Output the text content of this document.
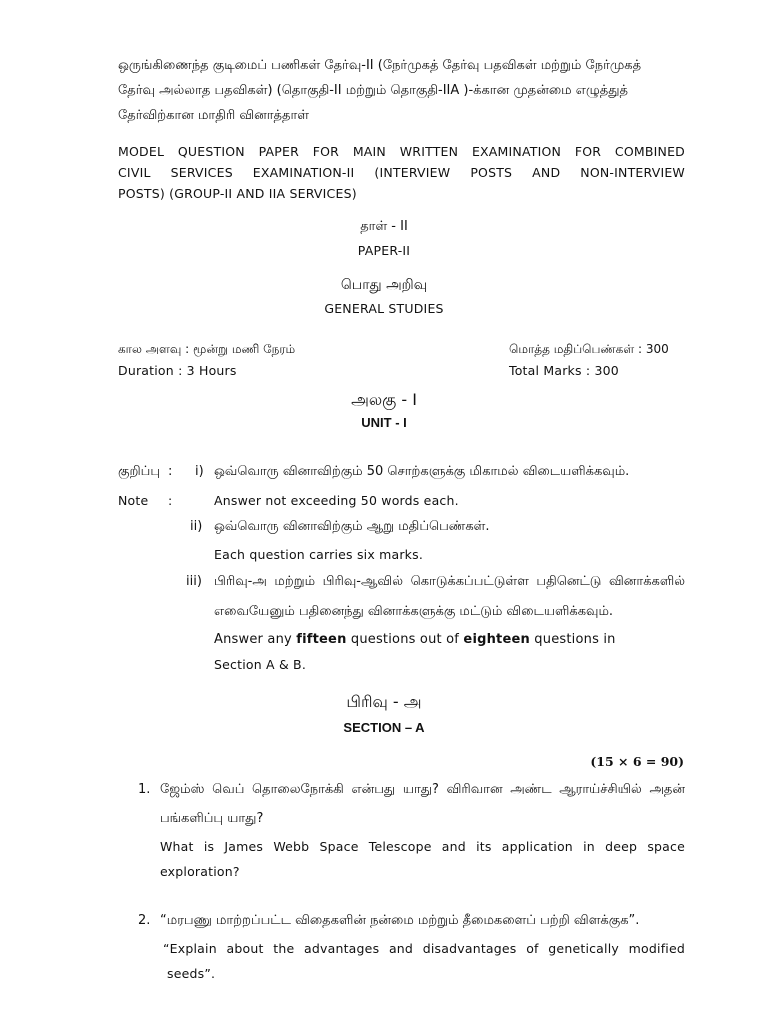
ஒருங்கிணைந்த குடிமைப் பணிகள் தேர்வு-II (நேர்முகத் தேர்வு பதவிகள் மற்றும் நேர்முகத்
தேர்வு அல்லாத பதவிகள்) (தொகுதி-II மற்றும் தொகுதி-IIA )-க்கான முதன்மை எழுத்துத்
தேர்விற்கான மாதிரி வினாத்தாள்
MODEL QUESTION PAPER FOR MAIN WRITTEN EXAMINATION FOR COMBINED
CIVIL SERVICES EXAMINATION-II (INTERVIEW POSTS AND NON-INTERVIEW
POSTS) (GROUP-II AND IIA SERVICES)
தாள் - II
PAPER-II
பொது அறிவு
GENERAL STUDIES
கால அளவு : மூன்று மணி நேரம்
Duration : 3 Hours
மொத்த மதிப்பெண்கள் : 300
Total Marks : 300
அலகு - I
UNIT - I
குறிப்பு : i) ஒவ்வொரு வினாவிற்கும் 50 சொற்களுக்கு மிகாமல் விடையளிக்கவும்.
Note :	Answer not exceeding 50 words each.
ii) ஒவ்வொரு வினாவிற்கும் ஆறு மதிப்பெண்கள்.
Each question carries six marks.
iii) பிரிவு-அ மற்றும் பிரிவு-ஆவில் கொடுக்கப்பட்டுள்ள பதினெட்டு வினாக்களில்
எவையேனும் பதினைந்து வினாக்களுக்கு மட்டும் விடையளிக்கவும்.
Answer any fifteen questions out of eighteen questions in
Section A & B.
பிரிவு - அ
SECTION – A
(15 × 6 = 90)
1. ஜேம்ஸ் வெப் தொலைநோக்கி என்பது யாது? விரிவான அண்ட ஆராய்ச்சியில் அதன்
பங்களிப்பு யாது?
What is James Webb Space Telescope and its application in deep space
exploration?
2. “மரபணு மாற்றப்பட்ட விதைகளின் நன்மை மற்றும் தீமைகளைப் பற்றி விளக்குக”.
“Explain about the advantages and disadvantages of genetically modified
seeds”.
